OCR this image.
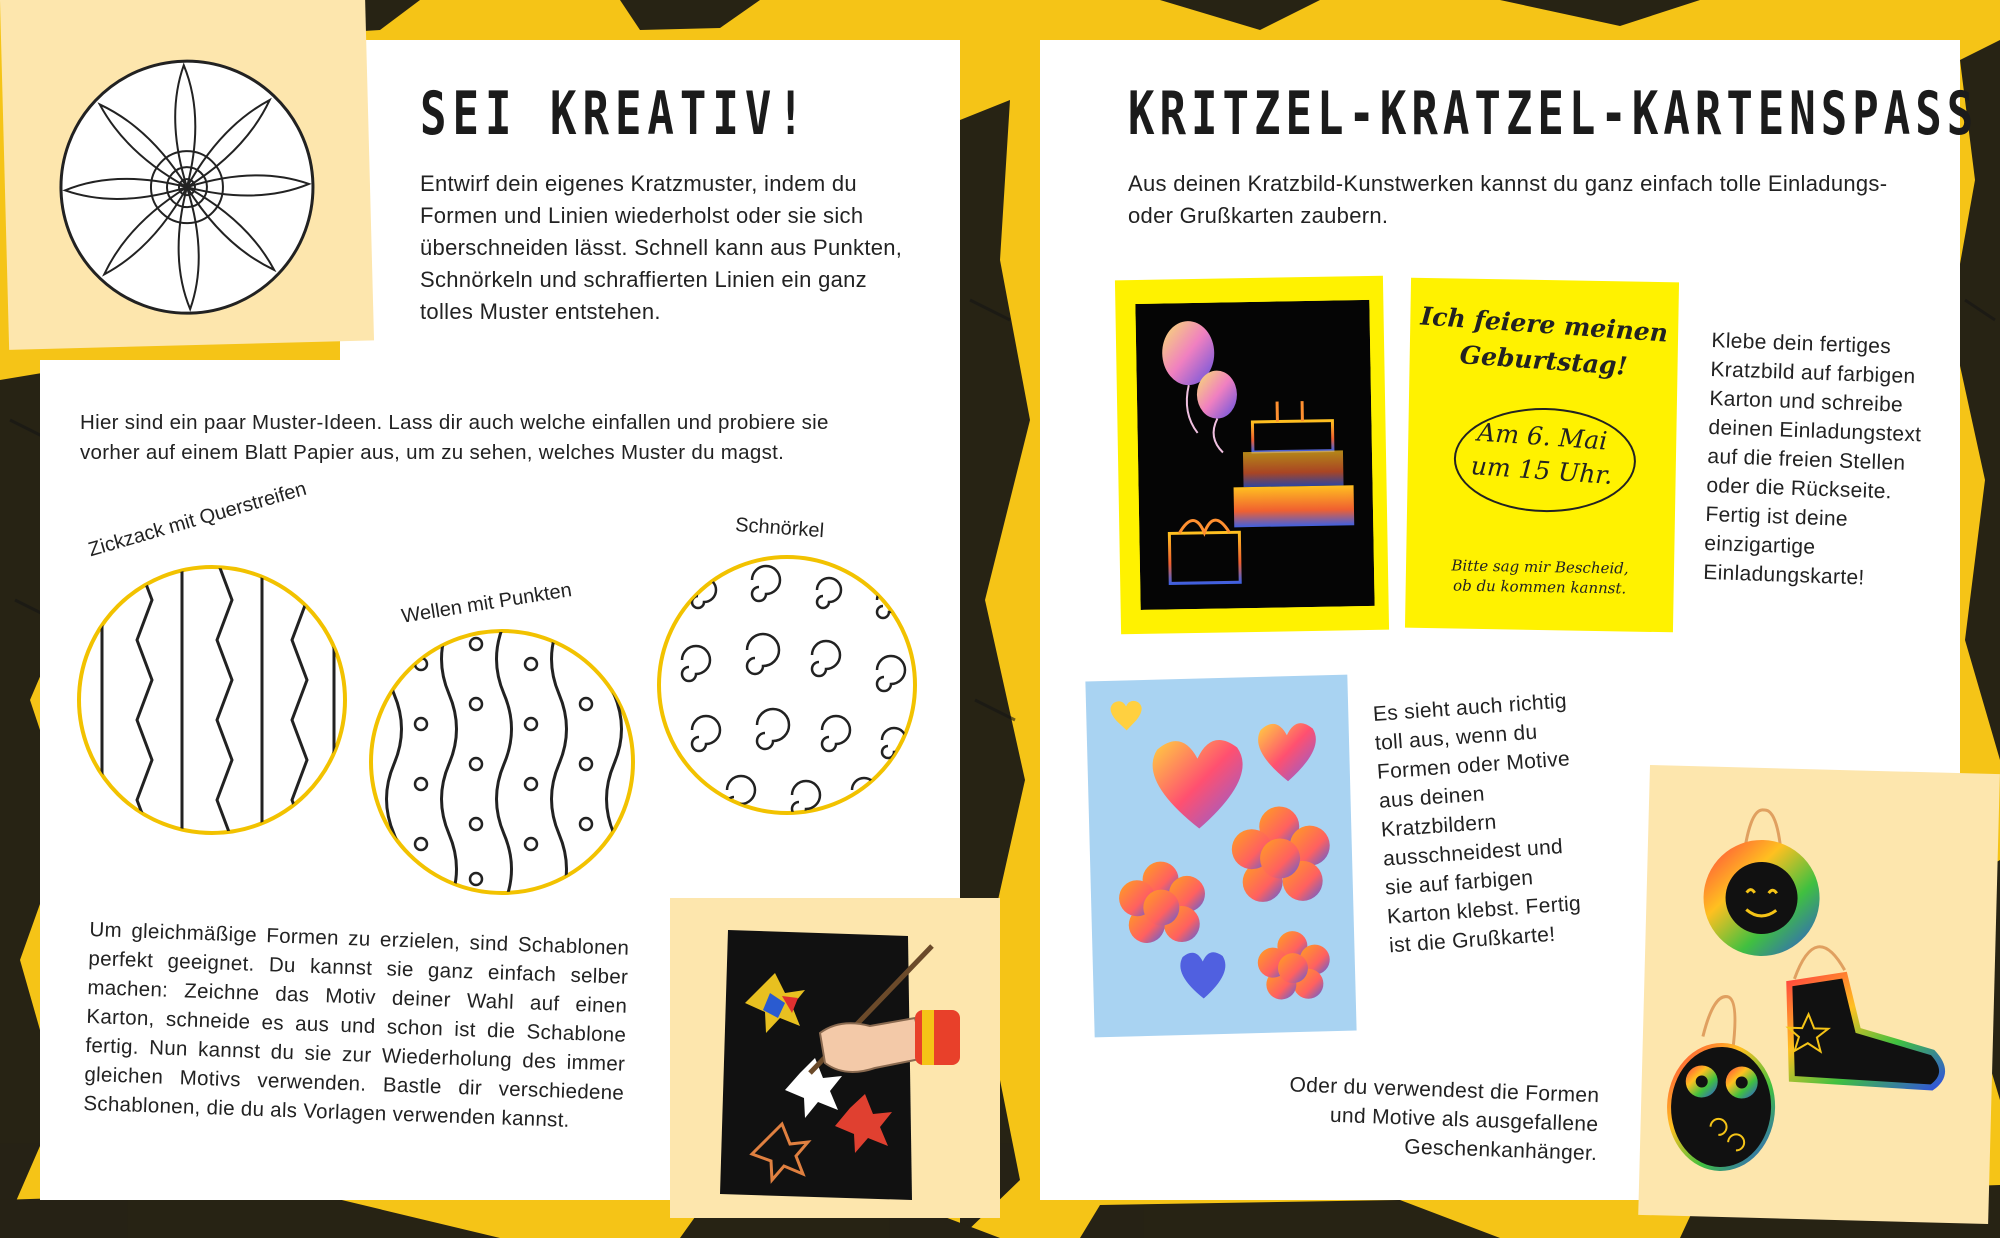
SEI KREATIV!
Entwirf dein eigenes Kratzmuster, indem du Formen und Linien wiederholst oder sie sich überschneiden lässt. Schnell kann aus Punkten, Schnörkeln und schraffierten Linien ein ganz tolles Muster entstehen.
Hier sind ein paar Muster-Ideen. Lass dir auch welche einfallen und probiere sie vorher auf einem Blatt Papier aus, um zu sehen, welches Muster du magst.
Zickzack mit Querstreifen
Wellen mit Punkten
Schnörkel
Um gleichmäßige Formen zu erzielen, sind Schablonen perfekt geeignet. Du kannst sie ganz einfach selber machen: Zeichne das Motiv deiner Wahl auf einen Karton, schneide es aus und schon ist die Schablone fertig. Nun kannst du sie zur Wiederholung des immer gleichen Motivs verwenden. Bastle dir verschiedene Schablonen, die du als Vorlagen verwenden kannst.
KRITZEL-KRATZEL-KARTENSPASS
Aus deinen Kratzbild-Kunstwerken kannst du ganz einfach tolle Einladungs- oder Grußkarten zaubern.
Ich feiere meinen
Geburtstag!
Am 6. Mai
um 15 Uhr.
Bitte sag mir Bescheid,
ob du kommen kannst.
Klebe dein fertiges Kratzbild auf farbigen Karton und schreibe deinen Einladungstext auf die freien Stellen oder die Rückseite. Fertig ist deine einzigartige Einladungskarte!
Es sieht auch richtig toll aus, wenn du Formen oder Motive aus deinen Kratzbildern ausschneidest und sie auf farbigen Karton klebst. Fertig ist die Grußkarte!
Oder du verwendest die Formen und Motive als ausgefallene Geschenkanhänger.
